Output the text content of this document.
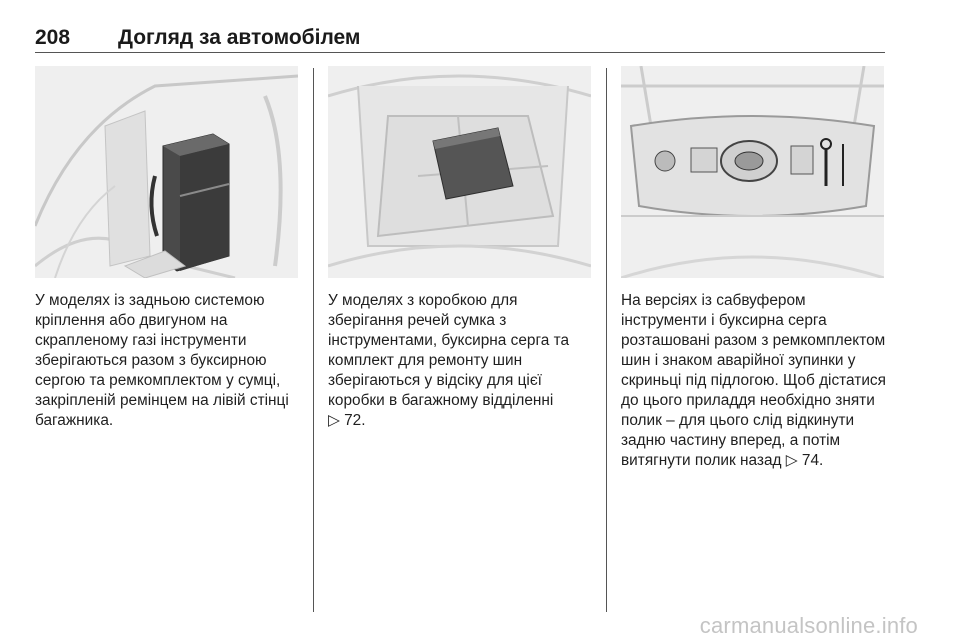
208 Догляд за автомобілем
У моделях із задньою системою кріплення або двигуном на скрапленому газі інструменти зберігаються разом з буксирною сергою та ремкомплектом у сумці, закріпленій ремінцем на лівій стінці багажника.
У моделях з коробкою для зберігання речей сумка з інструментами, буксирна серга та комплект для ремонту шин зберігаються у відсіку для цієї коробки в багажному відділенні
▷ 72.
На версіях із сабвуфером інструменти і буксирна серга розташовані разом з ремкомплектом шин і знаком аварійної зупинки у скриньці під підлогою. Щоб дістатися до цього приладдя необхідно зняти полик – для цього слід відкинути задню частину вперед, а потім витягнути полик назад ▷ 74.
carmanualsonline.info
